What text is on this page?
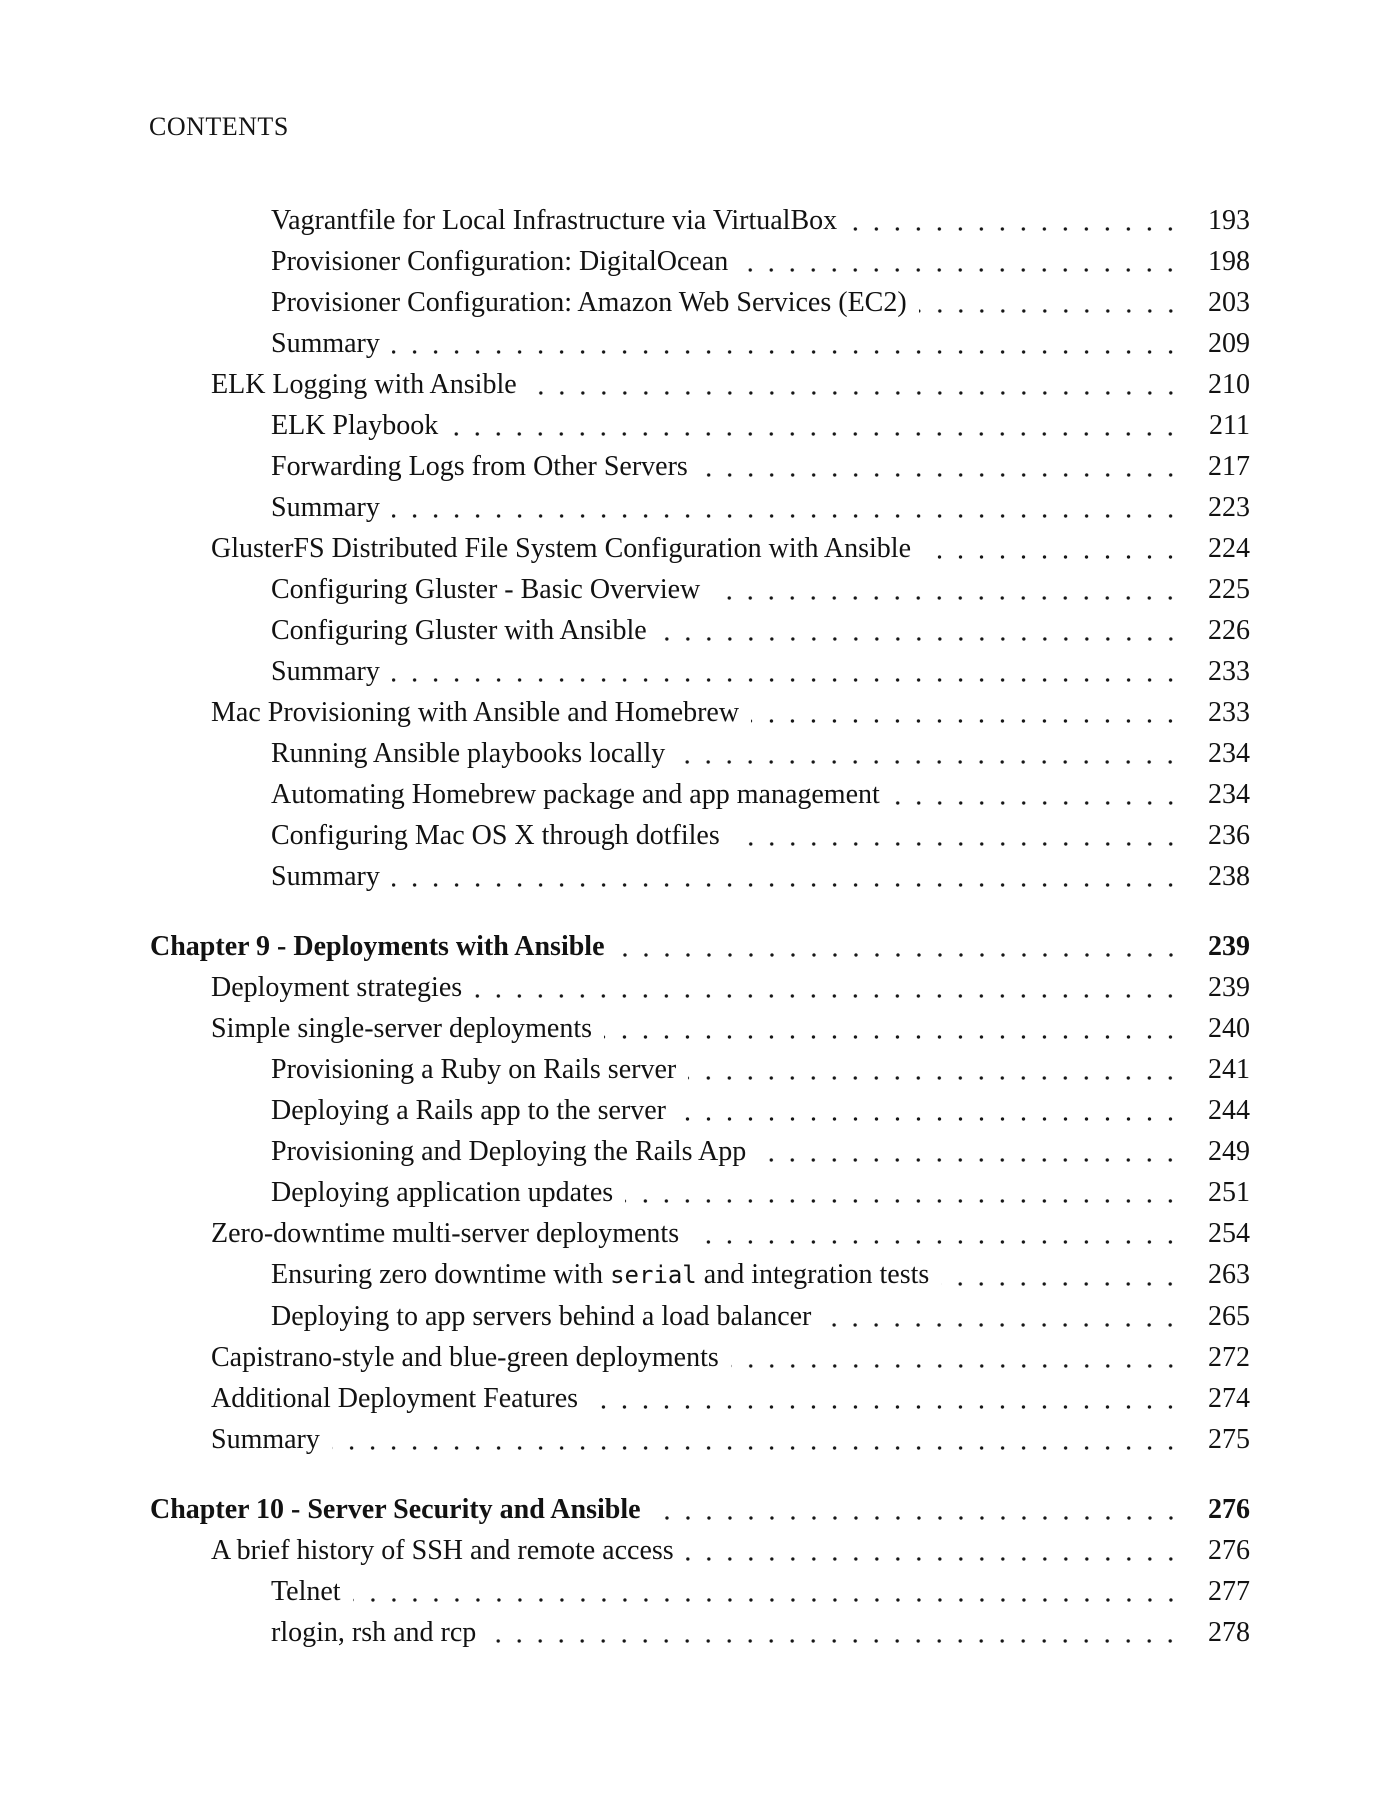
CONTENTS
Vagrantfile for Local Infrastructure via VirtualBox	193
Provisioner Configuration: DigitalOcean	198
Provisioner Configuration: Amazon Web Services (EC2)	203
Summary	209
ELK Logging with Ansible	210
ELK Playbook	211
Forwarding Logs from Other Servers	217
Summary	223
GlusterFS Distributed File System Configuration with Ansible	224
Configuring Gluster - Basic Overview	225
Configuring Gluster with Ansible	226
Summary	233
Mac Provisioning with Ansible and Homebrew	233
Running Ansible playbooks locally	234
Automating Homebrew package and app management	234
Configuring Mac OS X through dotfiles	236
Summary	238
Chapter 9 - Deployments with Ansible	239
Deployment strategies	239
Simple single-server deployments	240
Provisioning a Ruby on Rails server	241
Deploying a Rails app to the server	244
Provisioning and Deploying the Rails App	249
Deploying application updates	251
Zero-downtime multi-server deployments	254
Ensuring zero downtime with serial and integration tests	263
Deploying to app servers behind a load balancer	265
Capistrano-style and blue-green deployments	272
Additional Deployment Features	274
Summary	275
Chapter 10 - Server Security and Ansible	276
A brief history of SSH and remote access	276
Telnet	277
rlogin, rsh and rcp	278
